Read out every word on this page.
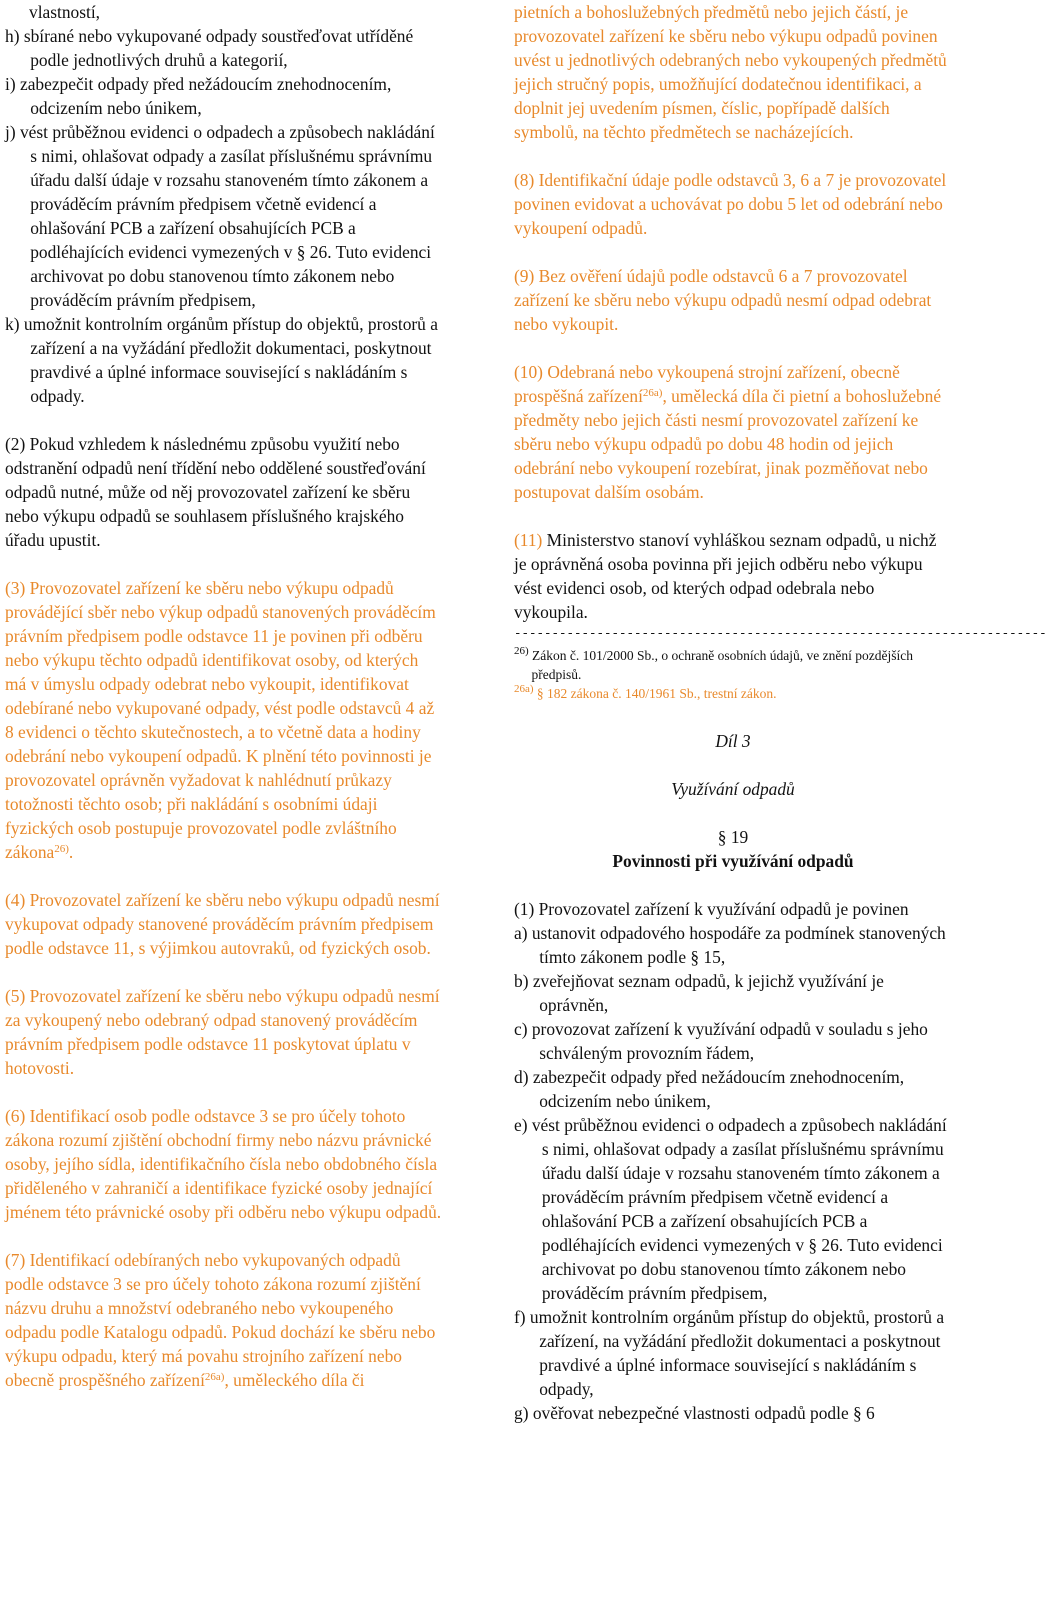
vlastností,

h) sbírané nebo vykupované odpady soustřeďovat utříděné podle jednotlivých druhů a kategorií,

i) zabezpečit odpady před nežádoucím znehodnocením, odcizením nebo únikem,

j) vést průběžnou evidenci o odpadech a způsobech nakládání s nimi, ohlašovat odpady a zasílat příslušnému správnímu úřadu další údaje v rozsahu stanoveném tímto zákonem a prováděcím právním předpisem včetně evidencí a ohlašování PCB a zařízení obsahujících PCB a podléhajících evidenci vymezených v § 26. Tuto evidenci archivovat po dobu stanovenou tímto zákonem nebo prováděcím právním předpisem,

k) umožnit kontrolním orgánům přístup do objektů, prostorů a zařízení a na vyžádání předložit dokumentaci, poskytnout pravdivé a úplné informace související s nakládáním s odpady.

(2) Pokud vzhledem k následnému způsobu využití nebo odstranění odpadů není třídění nebo oddělené soustřeďování odpadů nutné, může od něj provozovatel zařízení ke sběru nebo výkupu odpadů se souhlasem příslušného krajského úřadu upustit.

(3) Provozovatel zařízení ke sběru nebo výkupu odpadů provádějící sběr nebo výkup odpadů stanovených prováděcím právním předpisem podle odstavce 11 je povinen při odběru nebo výkupu těchto odpadů identifikovat osoby, od kterých má v úmyslu odpady odebrat nebo vykoupit, identifikovat odebírané nebo vykupované odpady, vést podle odstavců 4 až 8 evidenci o těchto skutečnostech, a to včetně data a hodiny odebrání nebo vykoupení odpadů. K plnění této povinnosti je provozovatel oprávněn vyžadovat k nahlédnutí průkazy totožnosti těchto osob; při nakládání s osobními údaji fyzických osob postupuje provozovatel podle zvláštního zákona$^{26)}$.

(4) Provozovatel zařízení ke sběru nebo výkupu odpadů nesmí vykupovat odpady stanovené prováděcím právním předpisem podle odstavce 11, s výjimkou autovraků, od fyzických osob.

(5) Provozovatel zařízení ke sběru nebo výkupu odpadů nesmí za vykoupený nebo odebraný odpad stanovený prováděcím právním předpisem podle odstavce 11 poskytovat úplatu v hotovosti.

(6) Identifikací osob podle odstavce 3 se pro účely tohoto zákona rozumí zjištění obchodní firmy nebo názvu právnické osoby, jejího sídla, identifikačního čísla nebo obdobného čísla přiděleného v zahraničí a identifikace fyzické osoby jednající jménem této právnické osoby při odběru nebo výkupu odpadů.

(7) Identifikací odebíraných nebo vykupovaných odpadů podle odstavce 3 se pro účely tohoto zákona rozumí zjištění názvu druhu a množství odebraného nebo vykoupeného odpadu podle Katalogu odpadů. Pokud dochází ke sběru nebo výkupu odpadu, který má povahu strojního zařízení nebo obecně prospěšného zařízení$^{26a)}$, uměleckého díla či

pietních a bohoslužebných předmětů nebo jejich částí, je provozovatel zařízení ke sběru nebo výkupu odpadů povinen uvést u jednotlivých odebraných nebo vykoupených předmětů jejich stručný popis, umožňující dodatečnou identifikaci, a doplnit jej uvedením písmen, číslic, popřípadě dalších symbolů, na těchto předmětech se nacházejících.

(8) Identifikační údaje podle odstavců 3, 6 a 7 je provozovatel povinen evidovat a uchovávat po dobu 5 let od odebrání nebo vykoupení odpadů.

(9) Bez ověření údajů podle odstavců 6 a 7 provozovatel zařízení ke sběru nebo výkupu odpadů nesmí odpad odebrat nebo vykoupit.

(10) Odebraná nebo vykoupená strojní zařízení, obecně prospěšná zařízení$^{26a)}$, umělecká díla či pietní a bohoslužebné předměty nebo jejich části nesmí provozovatel zařízení ke sběru nebo výkupu odpadů po dobu 48 hodin od jejich odebrání nebo vykoupení rozebírat, jinak pozměňovat nebo postupovat dalším osobám.

(11) Ministerstvo stanoví vyhláškou seznam odpadů, u nichž je oprávněná osoba povinna při jejich odběru nebo výkupu vést evidenci osob, od kterých odpad odebrala nebo vykoupila.

-----------------------------------------------------------------------

$^{26)}$ Zákon č. 101/2000 Sb., o ochraně osobních údajů, ve znění pozdějších předpisů.

$^{26a)}$ § 182 zákona č. 140/1961 Sb., trestní zákon.

Díl 3

Využívání odpadů

§ 19

Povinnosti při využívání odpadů

(1) Provozovatel zařízení k využívání odpadů je povinen

a) ustanovit odpadového hospodáře za podmínek stanovených tímto zákonem podle § 15,

b) zveřejňovat seznam odpadů, k jejichž využívání je oprávněn,

c) provozovat zařízení k využívání odpadů v souladu s jeho schváleným provozním řádem,

d) zabezpečit odpady před nežádoucím znehodnocením, odcizením nebo únikem,

e) vést průběžnou evidenci o odpadech a způsobech nakládání s nimi, ohlašovat odpady a zasílat příslušnému správnímu úřadu další údaje v rozsahu stanoveném tímto zákonem a prováděcím právním předpisem včetně evidencí a ohlašování PCB a zařízení obsahujících PCB a podléhajících evidenci vymezených v § 26. Tuto evidenci archivovat po dobu stanovenou tímto zákonem nebo prováděcím právním předpisem,

f) umožnit kontrolním orgánům přístup do objektů, prostorů a zařízení, na vyžádání předložit dokumentaci a poskytnout pravdivé a úplné informace související s nakládáním s odpady,

g) ověřovat nebezpečné vlastnosti odpadů podle § 6
